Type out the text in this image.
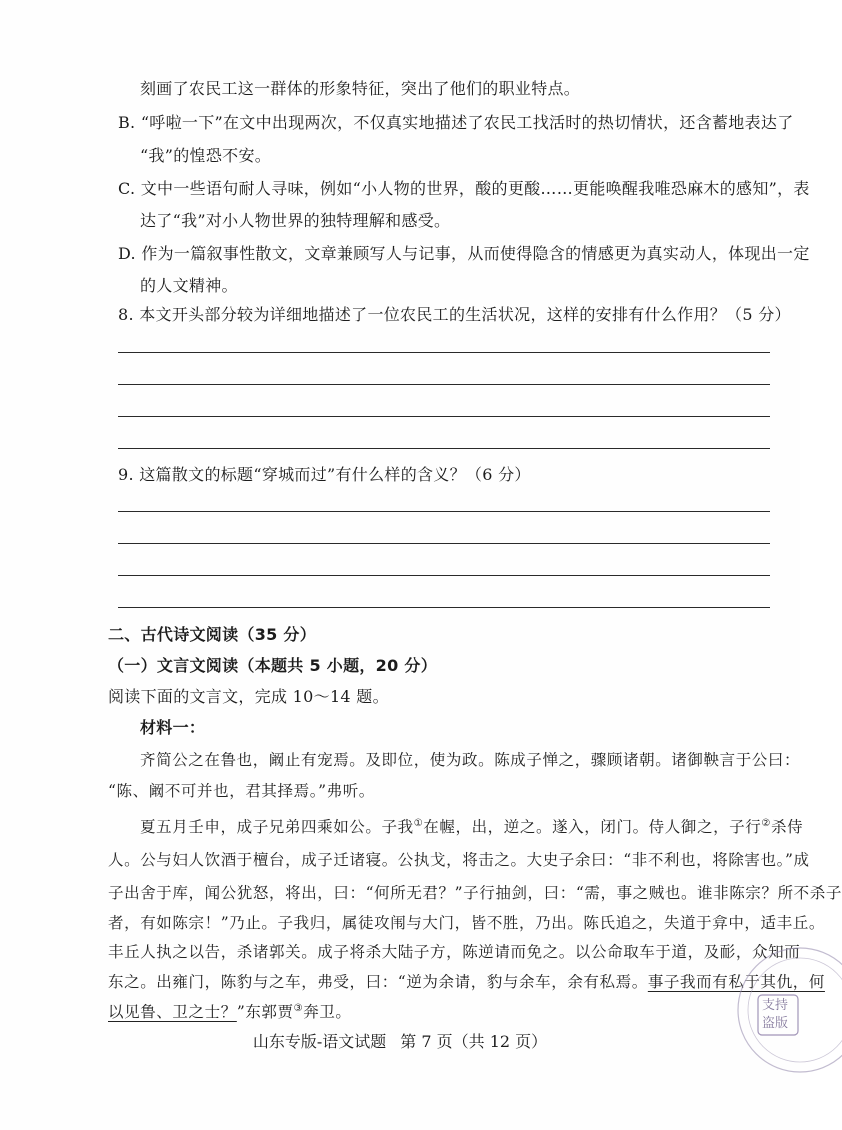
刻画了农民工这一群体的形象特征，突出了他们的职业特点。
B. “呼啦一下”在文中出现两次，不仅真实地描述了农民工找活时的热切情状，还含蓄地表达了
“我”的惶恐不安。
C. 文中一些语句耐人寻味，例如“小人物的世界，酸的更酸……更能唤醒我唯恐麻木的感知”，表
达了“我”对小人物世界的独特理解和感受。
D. 作为一篇叙事性散文，文章兼顾写人与记事，从而使得隐含的情感更为真实动人，体现出一定
的人文精神。
8. 本文开头部分较为详细地描述了一位农民工的生活状况，这样的安排有什么作用？（5 分）
9. 这篇散文的标题“穿城而过”有什么样的含义？（6 分）
二、古代诗文阅读（35 分）
（一）文言文阅读（本题共 5 小题，20 分）
阅读下面的文言文，完成 10～14 题。
材料一：
齐简公之在鲁也，阚止有宠焉。及即位，使为政。陈成子惮之，骤顾诸朝。诸御鞅言于公曰：
“陈、阚不可并也，君其择焉。”弗听。
夏五月壬申，成子兄弟四乘如公。子我①在幄，出，逆之。遂入，闭门。侍人御之，子行②杀侍
人。公与妇人饮酒于檀台，成子迁诸寝。公执戈，将击之。大史子余曰：“非不利也，将除害也。”成
子出舍于库，闻公犹怒，将出，曰：“何所无君？”子行抽剑，曰：“需，事之贼也。谁非陈宗？所不杀子
者，有如陈宗！”乃止。子我归，属徒攻闱与大门，皆不胜，乃出。陈氏追之，失道于弇中，适丰丘。
丰丘人执之以告，杀诸郭关。成子将杀大陆子方，陈逆请而免之。以公命取车于道，及耏，众知而
东之。出雍门，陈豹与之车，弗受，曰：“逆为余请，豹与余车，余有私焉。事子我而有私于其仇，何
以见鲁、卫之士？”东郭贾③奔卫。
山东专版-语文试题 第 7 页（共 12 页）
支持
盗版
